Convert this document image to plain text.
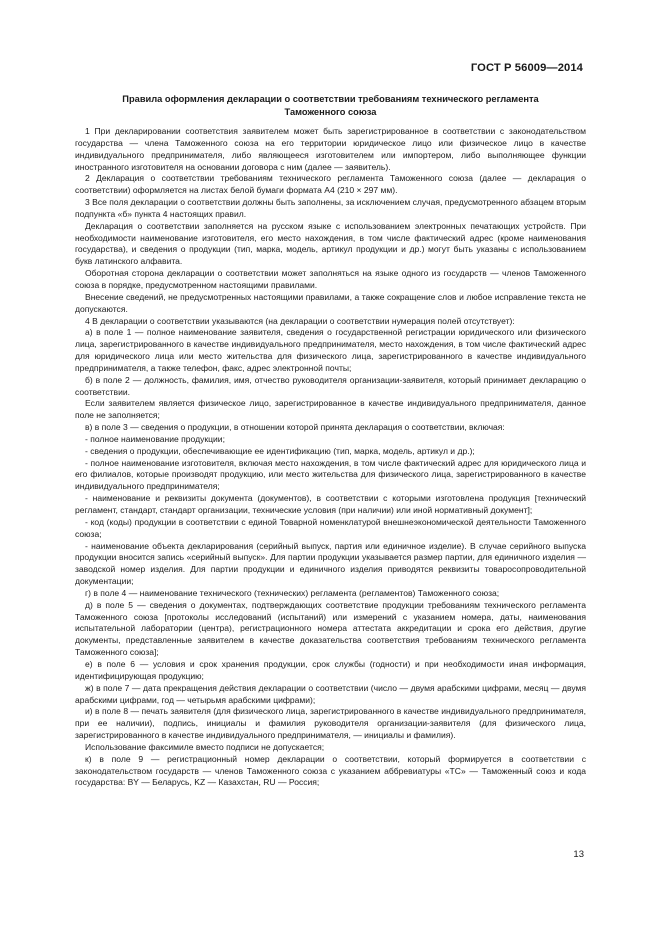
ГОСТ Р 56009—2014
Правила оформления декларации о соответствии требованиям технического регламента
Таможенного союза

1 При декларировании соответствия заявителем может быть зарегистрированное в соответствии с законодательством государства — члена Таможенного союза на его территории юридическое лицо или физическое лицо в качестве индивидуального предпринимателя, либо являющееся изготовителем или импортером, либо выполняющее функции иностранного изготовителя на основании договора с ним (далее — заявитель).

2 Декларация о соответствии требованиям технического регламента Таможенного союза (далее — декларация о соответствии) оформляется на листах белой бумаги формата А4 (210 × 297 мм).

3 Все поля декларации о соответствии должны быть заполнены, за исключением случая, предусмотренного абзацем вторым подпункта «б» пункта 4 настоящих правил.

Декларация о соответствии заполняется на русском языке с использованием электронных печатающих устройств. При необходимости наименование изготовителя, его место нахождения, в том числе фактический адрес (кроме наименования государства), и сведения о продукции (тип, марка, модель, артикул продукции и др.) могут быть указаны с использованием букв латинского алфавита.

Оборотная сторона декларации о соответствии может заполняться на языке одного из государств — членов Таможенного союза в порядке, предусмотренном настоящими правилами.

Внесение сведений, не предусмотренных настоящими правилами, а также сокращение слов и любое исправление текста не допускаются.

4 В декларации о соответствии указываются (на декларации о соответствии нумерация полей отсутствует):

а) в поле 1 — полное наименование заявителя, сведения о государственной регистрации юридического или физического лица, зарегистрированного в качестве индивидуального предпринимателя, место нахождения, в том числе фактический адрес для юридического лица или место жительства для физического лица, зарегистрированного в качестве индивидуального предпринимателя, а также телефон, факс, адрес электронной почты;

б) в поле 2 — должность, фамилия, имя, отчество руководителя организации-заявителя, который принимает декларацию о соответствии.

Если заявителем является физическое лицо, зарегистрированное в качестве индивидуального предпринимателя, данное поле не заполняется;

в) в поле 3 — сведения о продукции, в отношении которой принята декларация о соответствии, включая:

- полное наименование продукции;

- сведения о продукции, обеспечивающие ее идентификацию (тип, марка, модель, артикул и др.);

- полное наименование изготовителя, включая место нахождения, в том числе фактический адрес для юридического лица и его филиалов, которые производят продукцию, или место жительства для физического лица, зарегистрированного в качестве индивидуального предпринимателя;

- наименование и реквизиты документа (документов), в соответствии с которыми изготовлена продукция [технический регламент, стандарт, стандарт организации, технические условия (при наличии) или иной нормативный документ];

- код (коды) продукции в соответствии с единой Товарной номенклатурой внешнеэкономической деятельности Таможенного союза;

- наименование объекта декларирования (серийный выпуск, партия или единичное изделие). В случае серийного выпуска продукции вносится запись «серийный выпуск». Для партии продукции указывается размер партии, для единичного изделия — заводской номер изделия. Для партии продукции и единичного изделия приводятся реквизиты товаросопроводительной документации;

г) в поле 4 — наименование технического (технических) регламента (регламентов) Таможенного союза;

д) в поле 5 — сведения о документах, подтверждающих соответствие продукции требованиям технического регламента Таможенного союза [протоколы исследований (испытаний) или измерений с указанием номера, даты, наименования испытательной лаборатории (центра), регистрационного номера аттестата аккредитации и срока его действия, другие документы, представленные заявителем в качестве доказательства соответствия требованиям технического регламента Таможенного союза];

е) в поле 6 — условия и срок хранения продукции, срок службы (годности) и при необходимости иная информация, идентифицирующая продукцию;

ж) в поле 7 — дата прекращения действия декларации о соответствии (число — двумя арабскими цифрами, месяц — двумя арабскими цифрами, год — четырьмя арабскими цифрами);

и) в поле 8 — печать заявителя (для физического лица, зарегистрированного в качестве индивидуального предпринимателя, при ее наличии), подпись, инициалы и фамилия руководителя организации-заявителя (для физического лица, зарегистрированного в качестве индивидуального предпринимателя, — инициалы и фамилия).

Использование факсимиле вместо подписи не допускается;

к) в поле 9 — регистрационный номер декларации о соответствии, который формируется в соответствии с законодательством государств — членов Таможенного союза с указанием аббревиатуры «ТС» — Таможенный союз и кода государства: BY — Беларусь, KZ — Казахстан, RU — Россия;

13
